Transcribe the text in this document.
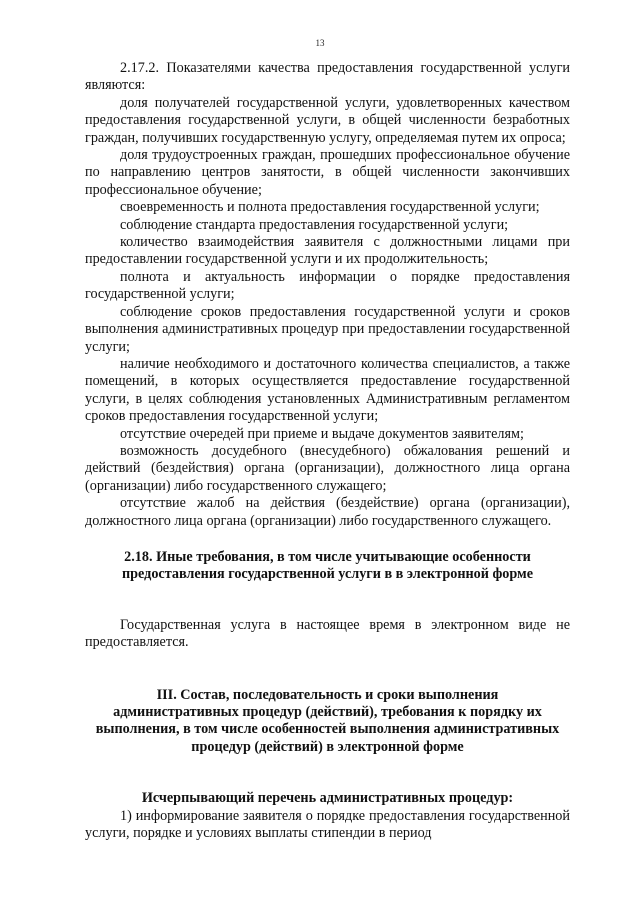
13

2.17.2. Показателями качества предоставления государственной услуги являются:

доля получателей государственной услуги, удовлетворенных качеством предоставления государственной услуги, в общей численности безработных граждан, получивших государственную услугу, определяемая путем их опроса;

доля трудоустроенных граждан, прошедших профессиональное обучение по направлению центров занятости, в общей численности закончивших профессиональное обучение;

своевременность и полнота предоставления государственной услуги;

соблюдение стандарта предоставления государственной услуги;

количество взаимодействия заявителя с должностными лицами при предоставлении государственной услуги и их продолжительность;

полнота и актуальность информации о порядке предоставления государственной услуги;

соблюдение сроков предоставления государственной услуги и сроков выполнения административных процедур при предоставлении государственной услуги;

наличие необходимого и достаточного количества специалистов, а также помещений, в которых осуществляется предоставление государственной услуги, в целях соблюдения установленных Административным регламентом сроков предоставления государственной услуги;

отсутствие очередей при приеме и выдаче документов заявителям;

возможность досудебного (внесудебного) обжалования решений и действий (бездействия) органа (организации), должностного лица органа (организации) либо государственного служащего;

отсутствие жалоб на действия (бездействие) органа (организации), должностного лица органа (организации) либо государственного служащего.

2.18. Иные требования, в том числе учитывающие особенности предоставления государственной услуги в в электронной форме

Государственная услуга в настоящее время в электронном виде не предоставляется.

III. Состав, последовательность и сроки выполнения административных процедур (действий), требования к порядку их выполнения, в том числе особенностей выполнения административных процедур (действий) в электронной форме

Исчерпывающий перечень административных процедур:

1) информирование заявителя о порядке предоставления государственной услуги, порядке и условиях выплаты стипендии в период
